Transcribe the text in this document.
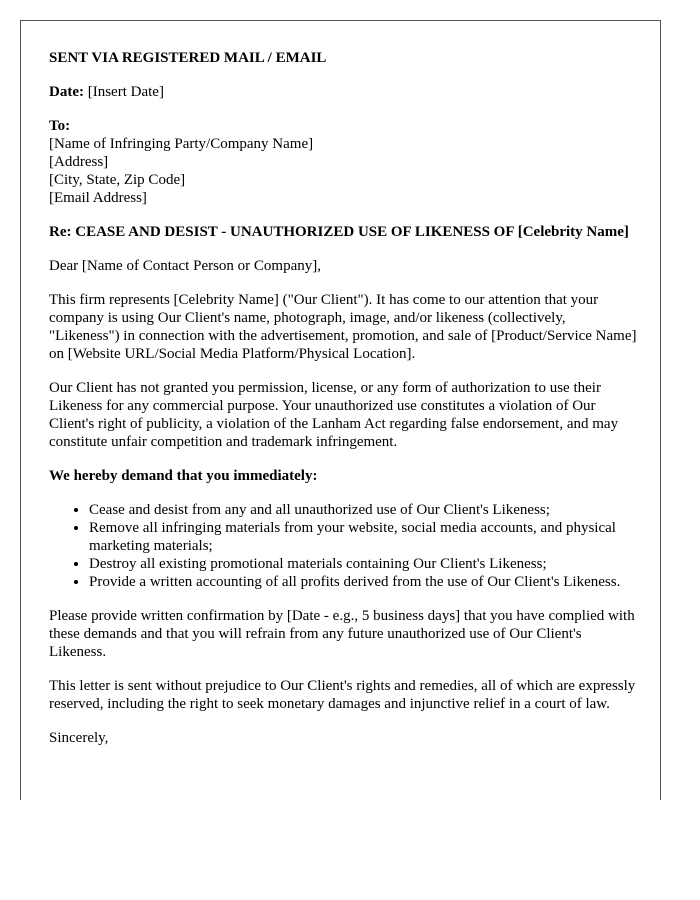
SENT VIA REGISTERED MAIL / EMAIL

Date: [Insert Date]

To:
[Name of Infringing Party/Company Name]
[Address]
[City, State, Zip Code]
[Email Address]

Re: CEASE AND DESIST - UNAUTHORIZED USE OF LIKENESS OF [Celebrity Name]

Dear [Name of Contact Person or Company],

This firm represents [Celebrity Name] ("Our Client"). It has come to our attention that your company is using Our Client's name, photograph, image, and/or likeness (collectively, "Likeness") in connection with the advertisement, promotion, and sale of [Product/Service Name] on [Website URL/Social Media Platform/Physical Location].

Our Client has not granted you permission, license, or any form of authorization to use their Likeness for any commercial purpose. Your unauthorized use constitutes a violation of Our Client's right of publicity, a violation of the Lanham Act regarding false endorsement, and may constitute unfair competition and trademark infringement.

We hereby demand that you immediately:

• Cease and desist from any and all unauthorized use of Our Client's Likeness;
• Remove all infringing materials from your website, social media accounts, and physical marketing materials;
• Destroy all existing promotional materials containing Our Client's Likeness;
• Provide a written accounting of all profits derived from the use of Our Client's Likeness.

Please provide written confirmation by [Date - e.g., 5 business days] that you have complied with these demands and that you will refrain from any future unauthorized use of Our Client's Likeness.

This letter is sent without prejudice to Our Client's rights and remedies, all of which are expressly reserved, including the right to seek monetary damages and injunctive relief in a court of law.

Sincerely,
